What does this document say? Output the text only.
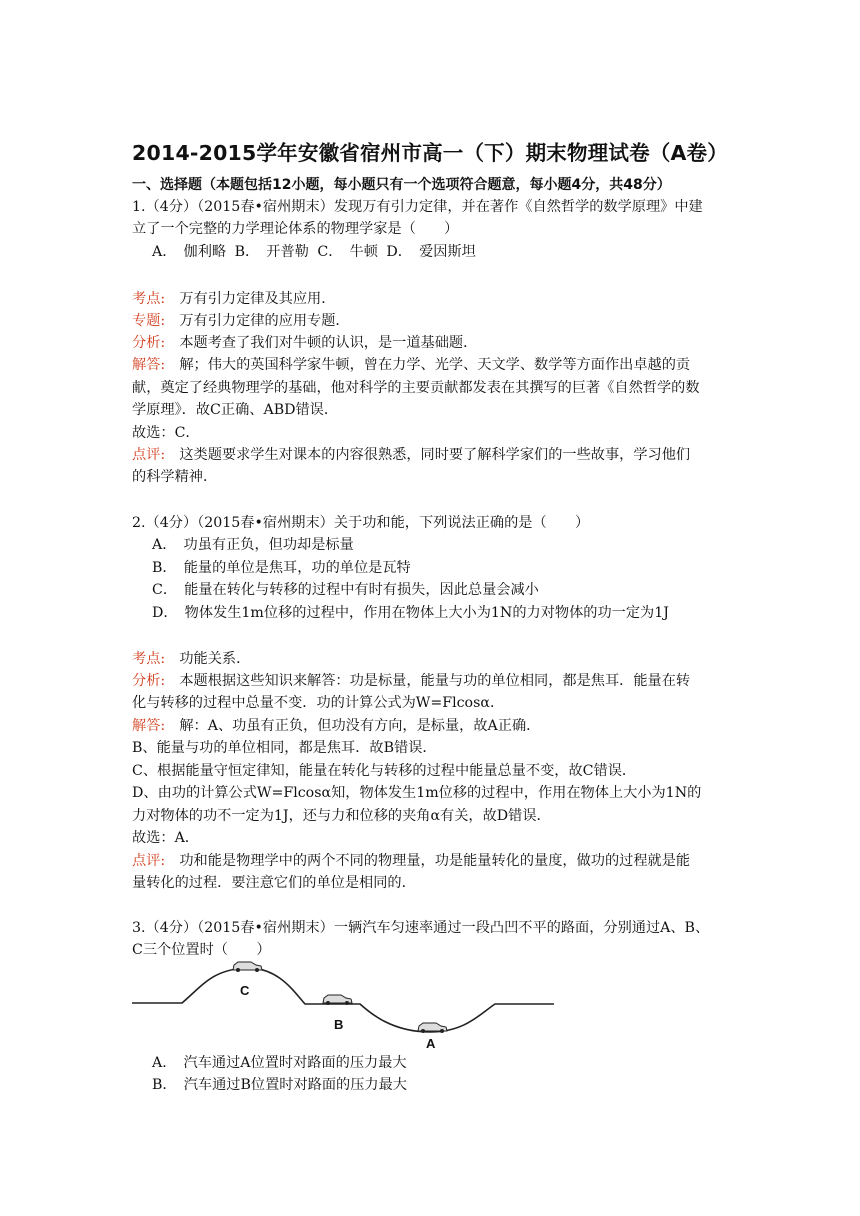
2014-2015学年安徽省宿州市高一（下）期末物理试卷（A卷）
一、选择题（本题包括12小题，每小题只有一个选项符合题意，每小题4分，共48分）
1.（4分）（2015春•宿州期末）发现万有引力定律，并在著作《自然哲学的数学原理》中建
立了一个完整的力学理论体系的物理学家是（　　）
A．　伽利略 B．　开普勒 C．　牛顿 D．　爱因斯坦
考点:　万有引力定律及其应用．
专题:　万有引力定律的应用专题．
分析:　本题考查了我们对牛顿的认识，是一道基础题．
解答:　解；伟大的英国科学家牛顿，曾在力学、光学、天文学、数学等方面作出卓越的贡
献，奠定了经典物理学的基础，他对科学的主要贡献都发表在其撰写的巨著《自然哲学的数
学原理》．故C正确、ABD错误．
故选：C．
点评:　这类题要求学生对课本的内容很熟悉，同时要了解科学家们的一些故事，学习他们
的科学精神．
2.（4分）（2015春•宿州期末）关于功和能，下列说法正确的是（　　）
A．　功虽有正负，但功却是标量
B．　能量的单位是焦耳，功的单位是瓦特
C．　能量在转化与转移的过程中有时有损失，因此总量会减小
D．　物体发生1m位移的过程中，作用在物体上大小为1N的力对物体的功一定为1J
考点:　功能关系．
分析:　本题根据这些知识来解答：功是标量，能量与功的单位相同，都是焦耳．能量在转
化与转移的过程中总量不变．功的计算公式为W=Flcosα．
解答:　解：A、功虽有正负，但功没有方向，是标量，故A正确．
B、能量与功的单位相同，都是焦耳．故B错误．
C、根据能量守恒定律知，能量在转化与转移的过程中能量总量不变，故C错误．
D、由功的计算公式W=Flcosα知，物体发生1m位移的过程中，作用在物体上大小为1N的
力对物体的功不一定为1J，还与力和位移的夹角α有关，故D错误．
故选：A．
点评:　功和能是物理学中的两个不同的物理量，功是能量转化的量度，做功的过程就是能
量转化的过程．要注意它们的单位是相同的．
3.（4分）（2015春•宿州期末）一辆汽车匀速率通过一段凸凹不平的路面，分别通过A、B、
C三个位置时（　　）
C
B
A
A．　汽车通过A位置时对路面的压力最大
B．　汽车通过B位置时对路面的压力最大
